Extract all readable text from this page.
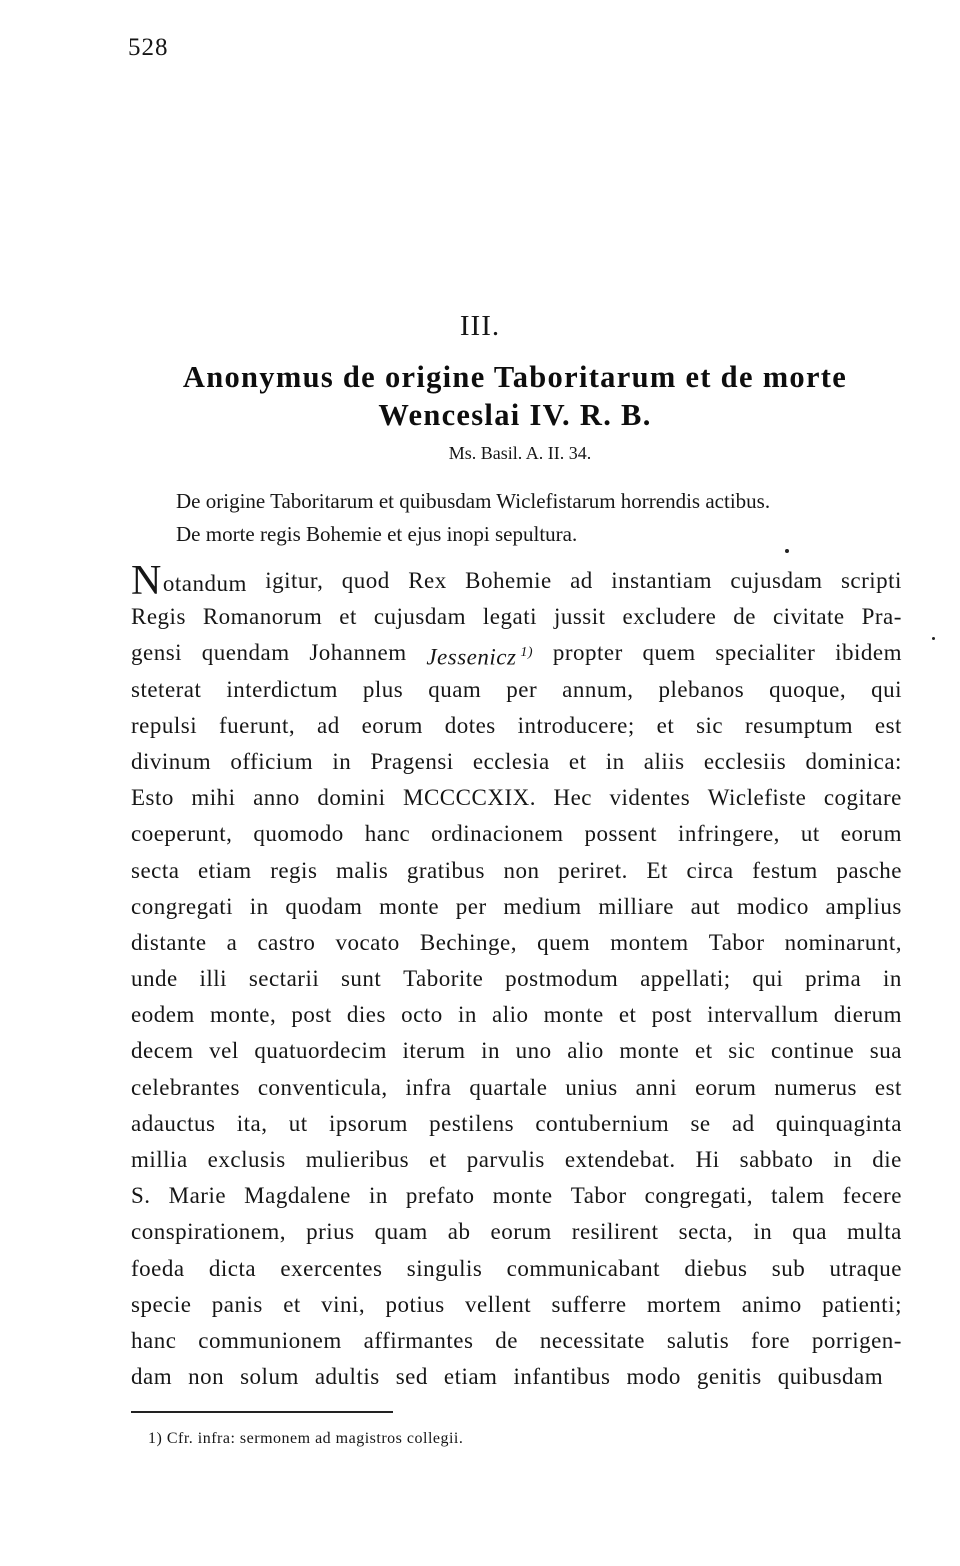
528
III.
Anonymus de origine Taboritarum et de morte
Wenceslai IV. R. B.
Ms. Basil. A. II. 34.
De origine Taboritarum et quibusdam Wiclefistarum horrendis actibus.
De morte regis Bohemie et ejus inopi sepultura.
Notandum igitur, quod Rex Bohemie ad instantiam cujusdam scripti
Regis Romanorum et cujusdam legati jussit excludere de civitate Pra-
gensi quendam Johannem Jessenicz $^{1)}$ propter quem specialiter ibidem
steterat interdictum plus quam per annum, plebanos quoque, qui
repulsi fuerunt, ad eorum dotes introducere; et sic resumptum est
divinum officium in Pragensi ecclesia et in aliis ecclesiis dominica:
Esto mihi anno domini MCCCCXIX. Hec videntes Wiclefiste cogitare
coeperunt, quomodo hanc ordinacionem possent infringere, ut eorum
secta etiam regis malis gratibus non periret. Et circa festum pasche
congregati in quodam monte per medium milliare aut modico amplius
distante a castro vocato Bechinge, quem montem Tabor nominarunt,
unde illi sectarii sunt Taborite postmodum appellati; qui prima in
eodem monte, post dies octo in alio monte et post intervallum dierum
decem vel quatuordecim iterum in uno alio monte et sic continue sua
celebrantes conventicula, infra quartale unius anni eorum numerus est
adauctus ita, ut ipsorum pestilens contubernium se ad quinquaginta
millia exclusis mulieribus et parvulis extendebat. Hi sabbato in die
S. Marie Magdalene in prefato monte Tabor congregati, talem fecere
conspirationem, prius quam ab eorum resilirent secta, in qua multa
foeda dicta exercentes singulis communicabant diebus sub utraque
specie panis et vini, potius vellent sufferre mortem animo patienti;
hanc communionem affirmantes de necessitate salutis fore porrigen-
dam non solum adultis sed etiam infantibus modo genitis quibusdam
1) Cfr. infra: sermonem ad magistros collegii.
